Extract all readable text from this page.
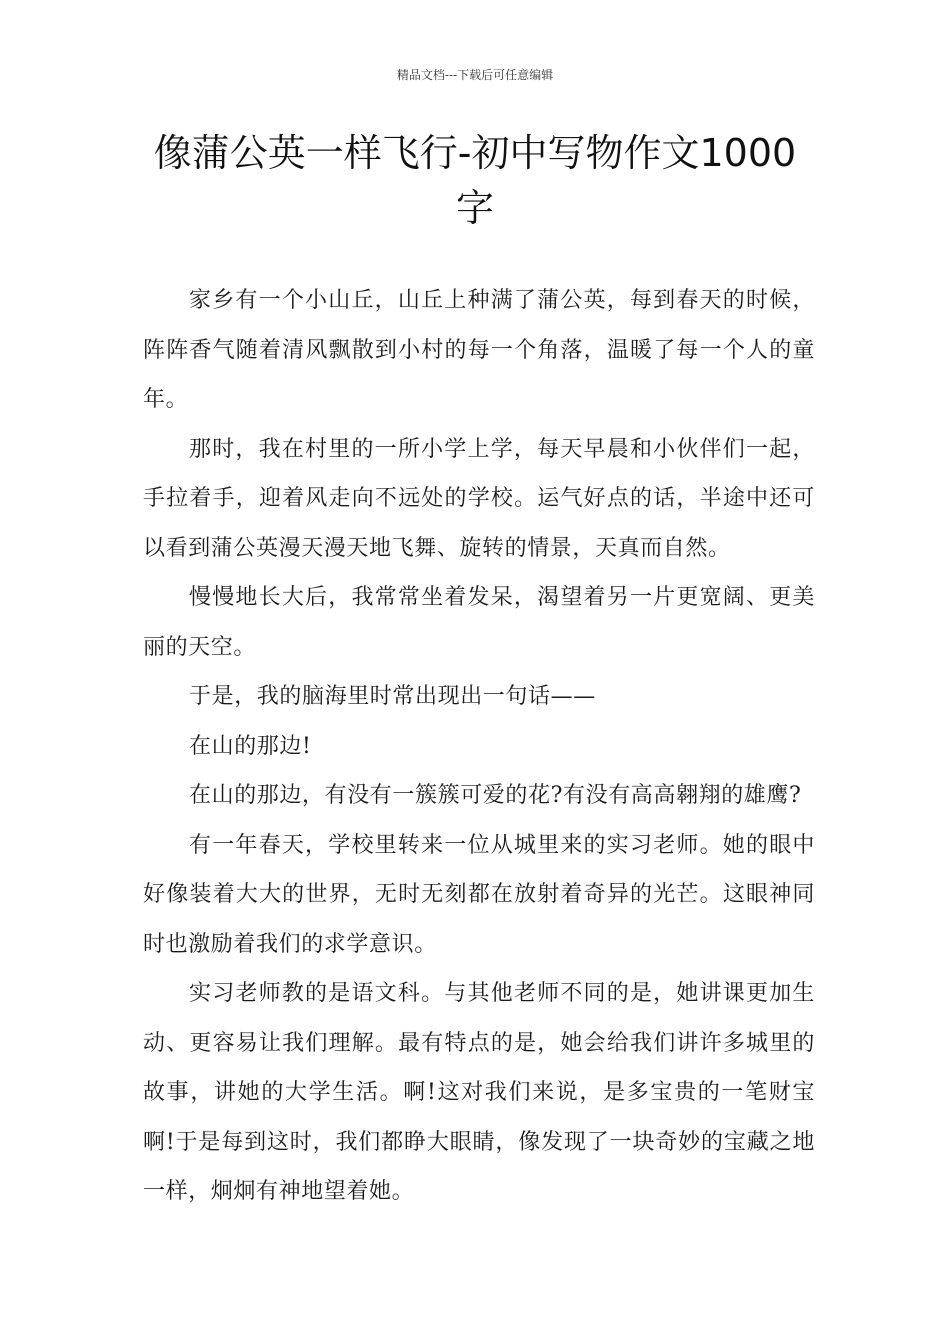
精品文档---下载后可任意编辑
像蒲公英一样飞行-初中写物作文1000字

家乡有一个小山丘，山丘上种满了蒲公英，每到春天的时候，阵阵香气随着清风飘散到小村的每一个角落，温暖了每一个人的童年。

那时，我在村里的一所小学上学，每天早晨和小伙伴们一起，手拉着手，迎着风走向不远处的学校。运气好点的话，半途中还可以看到蒲公英漫天漫天地飞舞、旋转的情景，天真而自然。

慢慢地长大后，我常常坐着发呆，渴望着另一片更宽阔、更美丽的天空。

于是，我的脑海里时常出现出一句话——

在山的那边!

在山的那边，有没有一簇簇可爱的花?有没有高高翱翔的雄鹰?

有一年春天，学校里转来一位从城里来的实习老师。她的眼中好像装着大大的世界，无时无刻都在放射着奇异的光芒。这眼神同时也激励着我们的求学意识。

实习老师教的是语文科。与其他老师不同的是，她讲课更加生动、更容易让我们理解。最有特点的是，她会给我们讲许多城里的故事，讲她的大学生活。啊!这对我们来说，是多宝贵的一笔财宝啊!于是每到这时，我们都睁大眼睛，像发现了一块奇妙的宝藏之地一样，炯炯有神地望着她。
